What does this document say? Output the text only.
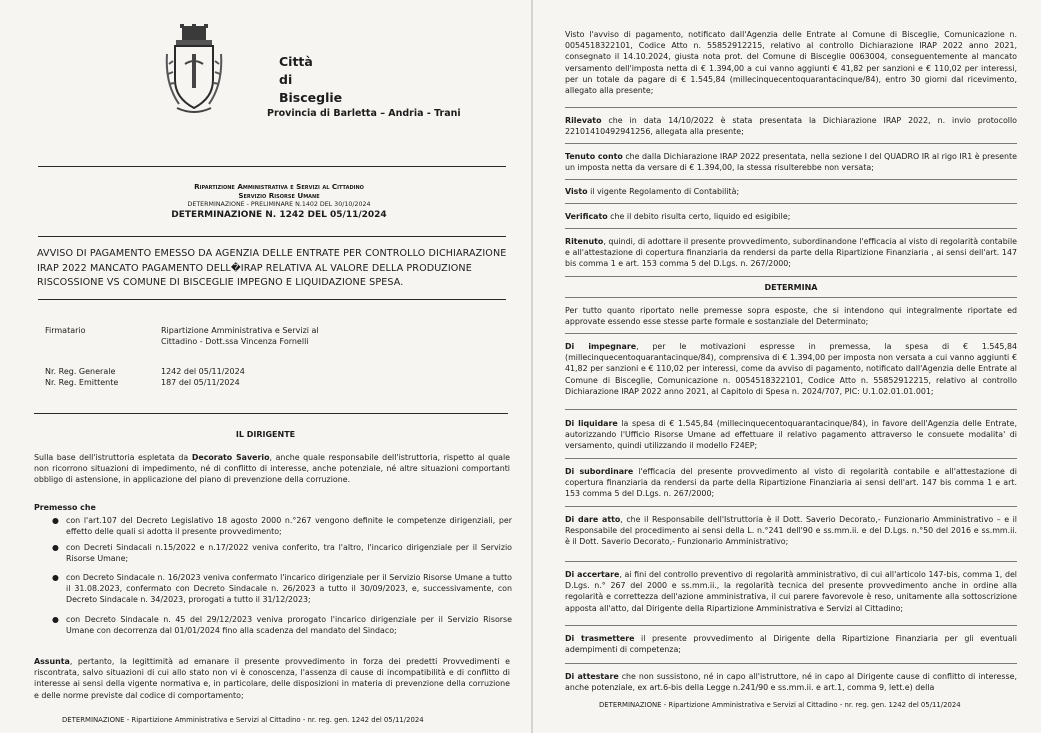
Città
di
Bisceglie
Provincia di Barletta – Andria - Trani
Ripartizione Amministrativa e Servizi al Cittadino
Servizio Risorse Umane
DETERMINAZIONE - PRELIMINARE N.1402 DEL 30/10/2024
DETERMINAZIONE N. 1242 DEL 05/11/2024
AVVISO DI PAGAMENTO EMESSO DA AGENZIA DELLE ENTRATE PER CONTROLLO DICHIARAZIONE IRAP 2022 MANCATO PAGAMENTO DELL�IRAP RELATIVA AL VALORE DELLA PRODUZIONE RISCOSSIONE VS COMUNE DI BISCEGLIE IMPEGNO E LIQUIDAZIONE SPESA.
Firmatario	Ripartizione Amministrativa e Servizi al Cittadino - Dott.ssa Vincenza Fornelli
Nr. Reg. Generale	1242 del 05/11/2024
Nr. Reg. Emittente	187 del 05/11/2024
IL DIRIGENTE

Sulla base dell'istruttoria espletata da Decorato Saverio, anche quale responsabile dell'istruttoria, rispetto al quale non ricorrono situazioni di impedimento, né di conflitto di interesse, anche potenziale, né altre situazioni comportanti obbligo di astensione, in applicazione del piano di prevenzione della corruzione.

Premesso che
● con l'art.107 del Decreto Legislativo 18 agosto 2000 n.°267 vengono definite le competenze dirigenziali, per effetto delle quali si adotta il presente provvedimento;
● con Decreti Sindacali n.15/2022 e n.17/2022 veniva conferito, tra l'altro, l'incarico dirigenziale per il Servizio Risorse Umane;
● con Decreto Sindacale n. 16/2023 veniva confermato l'incarico dirigenziale per il Servizio Risorse Umane a tutto il 31.08.2023, confermato con Decreto Sindacale n. 26/2023 a tutto il 30/09/2023, e, successivamente, con Decreto Sindacale n. 34/2023, prorogati a tutto il 31/12/2023;
● con Decreto Sindacale n. 45 del 29/12/2023 veniva prorogato l'incarico dirigenziale per il Servizio Risorse Umane con decorrenza dal 01/01/2024 fino alla scadenza del mandato del Sindaco;

Assunta, pertanto, la legittimità ad emanare il presente provvedimento in forza dei predetti Provvedimenti e riscontrata, salvo situazioni di cui allo stato non vi è conoscenza, l'assenza di cause di incompatibilità e di conflitto di interesse ai sensi della vigente normativa e, in particolare, delle disposizioni in materia di prevenzione della corruzione e delle norme previste dal codice di comportamento;

DETERMINAZIONE - Ripartizione Amministrativa e Servizi al Cittadino - nr. reg. gen. 1242 del 05/11/2024
Visto l'avviso di pagamento, notificato dall'Agenzia delle Entrate al Comune di Bisceglie, Comunicazione n. 0054518322101, Codice Atto n. 55852912215, relativo al controllo Dichiarazione IRAP 2022 anno 2021, consegnato il 14.10.2024, giusta nota prot. del Comune di Bisceglie 0063004, conseguentemente al mancato versamento dell'imposta netta di € 1.394,00 a cui vanno aggiunti € 41,82 per sanzioni e € 110,02 per interessi, per un totale da pagare di € 1.545,84 (millecinquecentoquarantacinque/84), entro 30 giorni dal ricevimento, allegato alla presente;
Rilevato che in data 14/10/2022 è stata presentata la Dichiarazione IRAP 2022, n. invio protocollo 22101410492941256, allegata alla presente;
Tenuto conto che dalla Dichiarazione IRAP 2022 presentata, nella sezione I del QUADRO IR al rigo IR1 è presente un imposta netta da versare di € 1.394,00, la stessa risulterebbe non versata;
Visto il vigente Regolamento di Contabilità;
Verificato che il debito risulta certo, liquido ed esigibile;
Ritenuto, quindi, di adottare il presente provvedimento, subordinandone l'efficacia al visto di regolarità contabile e all'attestazione di copertura finanziaria da rendersi da parte della Ripartizione Finanziaria , ai sensi dell'art. 147 bis comma 1 e art. 153 comma 5 del D.Lgs. n. 267/2000;
DETERMINA
Per tutto quanto riportato nelle premesse sopra esposte, che si intendono qui integralmente riportate ed approvate essendo esse stesse parte formale e sostanziale del Determinato;
Di impegnare, per le motivazioni espresse in premessa, la spesa di € 1.545,84 (millecinquecentoquarantacinque/84), comprensiva di € 1.394,00 per imposta non versata a cui vanno aggiunti € 41,82 per sanzioni e € 110,02 per interessi, come da avviso di pagamento, notificato dall'Agenzia delle Entrate al Comune di Bisceglie, Comunicazione n. 0054518322101, Codice Atto n. 55852912215, relativo al controllo Dichiarazione IRAP 2022 anno 2021, al Capitolo di Spesa n. 2024/707, PIC: U.1.02.01.01.001;
Di liquidare la spesa di € 1.545,84 (millecinquecentoquarantacinque/84), in favore dell'Agenzia delle Entrate, autorizzando l'Ufficio Risorse Umane ad effettuare il relativo pagamento attraverso le consuete modalita' di versamento, quindi utilizzando il modello F24EP;
Di subordinare l'efficacia del presente provvedimento al visto di regolarità contabile e all'attestazione di copertura finanziaria da rendersi da parte della Ripartizione Finanziaria ai sensi dell'art. 147 bis comma 1 e art. 153 comma 5 del D.Lgs. n. 267/2000;
Di dare atto, che il Responsabile dell'Istruttoria è il Dott. Saverio Decorato,- Funzionario Amministrativo – e il Responsabile del procedimento ai sensi della L. n.°241 dell'90 e ss.mm.ii. e del D.Lgs. n.°50 del 2016 e ss.mm.ii. è il Dott. Saverio Decorato,- Funzionario Amministrativo;
Di accertare, ai fini del controllo preventivo di regolarità amministrativo, di cui all'articolo 147-bis, comma 1, del D.Lgs. n.° 267 del 2000 e ss.mm.ii., la regolarità tecnica del presente provvedimento anche in ordine alla regolarità e correttezza dell'azione amministrativa, il cui parere favorevole è reso, unitamente alla sottoscrizione apposta all'atto, dal Dirigente della Ripartizione Amministrativa e Servizi al Cittadino;
Di trasmettere il presente provvedimento al Dirigente della Ripartizione Finanziaria per gli eventuali adempimenti di competenza;
Di attestare che non sussistono, né in capo all'istruttore, né in capo al Dirigente cause di conflitto di interesse, anche potenziale, ex art.6-bis della Legge n.241/90 e ss.mm.ii. e art.1, comma 9, lett.e) della
DETERMINAZIONE - Ripartizione Amministrativa e Servizi al Cittadino - nr. reg. gen. 1242 del 05/11/2024
